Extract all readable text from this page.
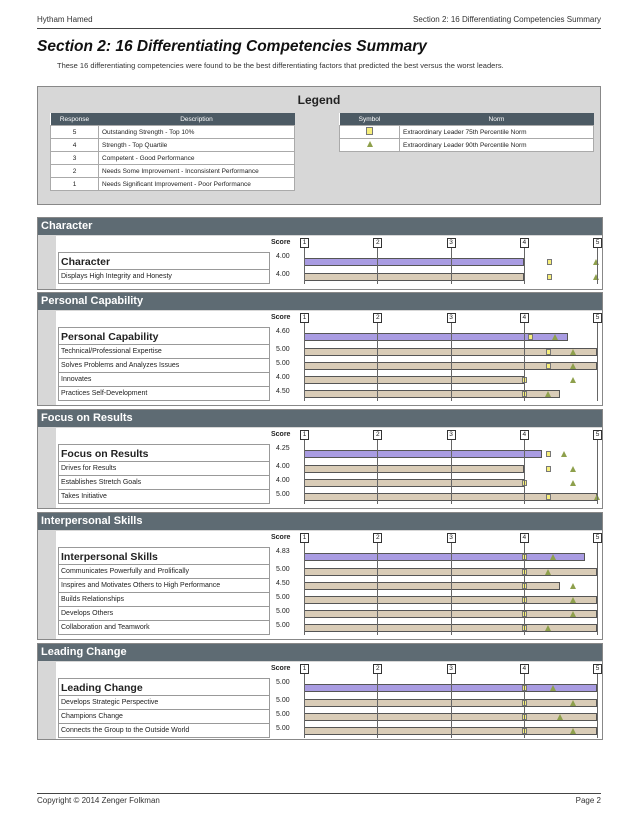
Hytham Hamed	Section 2: 16 Differentiating Competencies Summary
Section 2: 16 Differentiating Competencies Summary
These 16 differentiating competencies were found to be the best differentiating factors that predicted the best versus the worst leaders.
Legend
Response	Description
5	Outstanding Strength - Top 10%
4	Strength - Top Quartile
3	Competent - Good Performance
2	Needs Some Improvement - Inconsistent Performance
1	Needs Significant Improvement - Poor Performance
Symbol	Norm
	Extraordinary Leader 75th Percentile Norm
	Extraordinary Leader 90th Percentile Norm
Character
Score	1	2	3	4	5
Character	4.00
Displays High Integrity and Honesty	4.00
Personal Capability
Score	1	2	3	4	5
Personal Capability	4.60
Technical/Professional Expertise	5.00
Solves Problems and Analyzes Issues	5.00
Innovates	4.00
Practices Self-Development	4.50
Focus on Results
Score	1	2	3	4	5
Focus on Results	4.25
Drives for Results	4.00
Establishes Stretch Goals	4.00
Takes Initiative	5.00
Interpersonal Skills
Score	1	2	3	4	5
Interpersonal Skills	4.83
Communicates Powerfully and Prolifically	5.00
Inspires and Motivates Others to High Performance	4.50
Builds Relationships	5.00
Develops Others	5.00
Collaboration and Teamwork	5.00
Leading Change
Score	1	2	3	4	5
Leading Change	5.00
Develops Strategic Perspective	5.00
Champions Change	5.00
Connects the Group to the Outside World	5.00
Copyright © 2014 Zenger Folkman	Page 2
